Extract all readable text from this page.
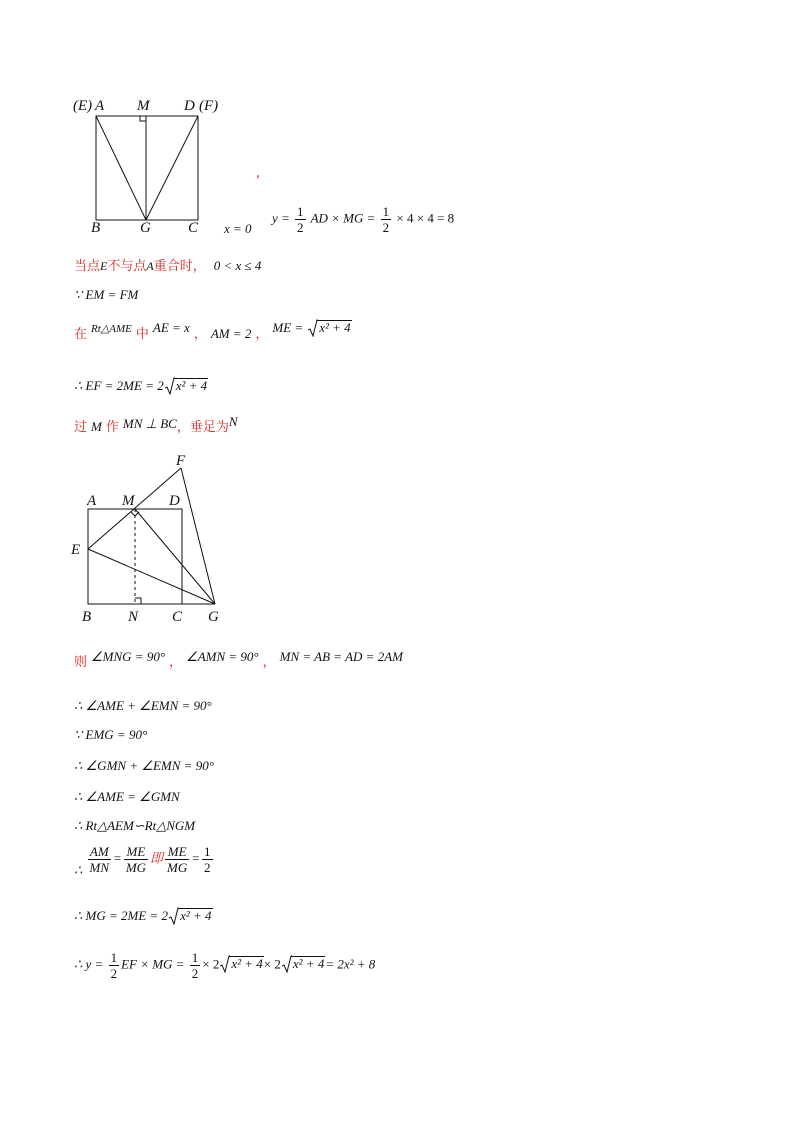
(E) A M D (F)
B	G C
,
x = 0
$y = \frac{1}{2}$ AD × MG = $\frac{1}{2} \times 4 \times 4 = 8$
当点E不与点A重合时， 0 < x ≤ 4
∵ EM = FM
在 $^{Rt\triangle AME}$ 中 $^{AE = x}$ ， AM = 2 ， $^{ME =}$ x² + 4
∴ EF = 2ME = 2 x² + 4
过 M 作 MN ⊥ BC，垂足为$^N$
F
A M D
E
B N C G
$_则$ ∠MNG = 90° $_,$ ∠AMN = 90° $_,$ MN = AB = AD = 2AM
∴ ∠AME + ∠EMN = 90°
∵ EMG = 90°
∴ ∠GMN + ∠EMN = 90°
∴ ∠AME = ∠GMN
∴ Rt△AEM∽Rt△NGM
∴ $\frac{AM}{MN} = \frac{ME}{MG}$ 即 $\frac{ME}{MG} = \frac{1}{2}$
∴ MG = 2ME = 2 x² + 4
∴ $y = \frac{1}{2}$ EF × MG = $\frac{1}{2} \times 2$ x² + 4× 2 x² + 4= 2x² + 8
